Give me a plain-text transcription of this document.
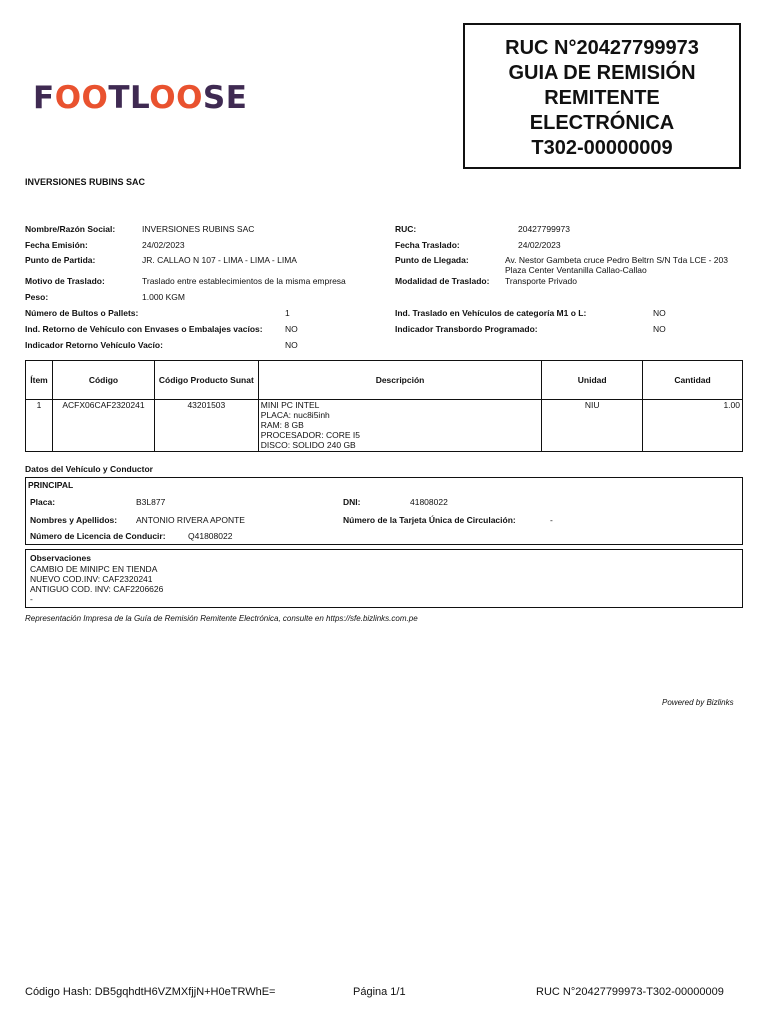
FOOTLOOSE
RUC N°20427799973
GUIA DE REMISIÓN
REMITENTE
ELECTRÓNICA
T302-00000009
INVERSIONES RUBINS SAC
Nombre/Razón Social:	INVERSIONES RUBINS SAC	RUC:	20427799973
Fecha Emisión:	24/02/2023	Fecha Traslado:	24/02/2023
Punto de Partida:	JR. CALLAO N 107 - LIMA - LIMA - LIMA	Punto de Llegada:	Av. Nestor Gambeta cruce Pedro Beltrn S/N Tda LCE - 203 Plaza Center Ventanilla Callao-Callao
Motivo de Traslado:	Traslado entre establecimientos de la misma empresa	Modalidad de Traslado: Transporte Privado
Peso:	1.000 KGM
Número de Bultos o Pallets:	1	Ind. Traslado en Vehículos de categoría M1 o L:	NO
Ind. Retorno de Vehículo con Envases o Embalajes vacíos:	NO	Indicador Transbordo Programado:	NO
Indicador Retorno Vehículo Vacío:	NO
Ítem	Código	Código Producto Sunat	Descripción	Unidad	Cantidad
1	ACFX06CAF2320241	43201503	MINI PC INTEL
PLACA: nuc8i5inh
RAM: 8 GB
PROCESADOR: CORE I5
DISCO: SOLIDO 240 GB	NIU	1.00
Datos del Vehículo y Conductor
PRINCIPAL
Placa:	B3L877	DNI:	41808022
Nombres y Apellidos: ANTONIO RIVERA APONTE	Número de la Tarjeta Única de Circulación:	-
Número de Licencia de Conducir:	Q41808022
Observaciones
CAMBIO DE MINIPC EN TIENDA
NUEVO COD.INV: CAF2320241
ANTIGUO COD. INV: CAF2206626
-
Representación Impresa de la Guía de Remisión Remitente Electrónica, consulte en https://sfe.bizlinks.com.pe
Powered by Bizlinks
Código Hash: DB5gqhdtH6VZMXfjjN+H0eTRWhE=	Página 1/1	RUC N°20427799973-T302-00000009
